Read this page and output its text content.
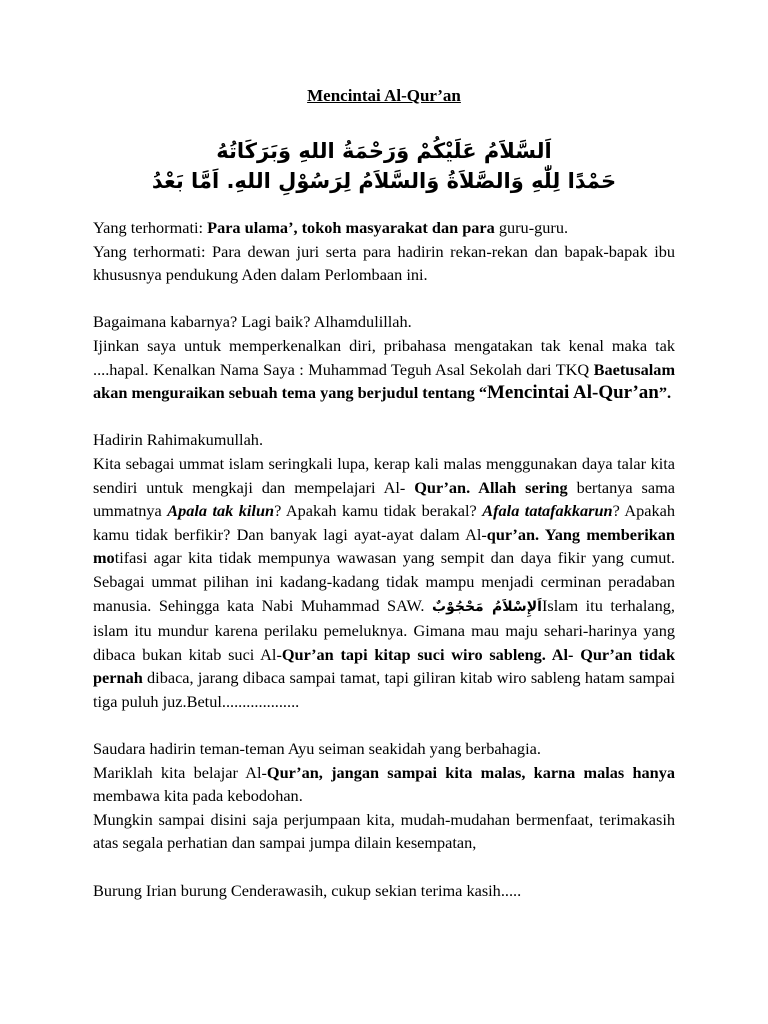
Mencintai Al-Qur’an
اَلسَّلاَمُ عَلَيْكُمْ وَرَحْمَةُ اللهِ وَبَرَكَاتُهُ
حَمْدًا لِلّٰهِ وَالصَّلاَةُ وَالسَّلاَمُ لِرَسُوْلِ اللهِ. اَمَّا بَعْدُ

Yang terhormati: Para ulama’, tokoh masyarakat dan para guru-guru.

Yang terhormati: Para dewan juri serta para hadirin rekan-rekan dan bapak-bapak ibu khususnya pendukung Aden dalam Perlombaan ini.

Bagaimana kabarnya? Lagi baik? Alhamdulillah.

Ijinkan saya untuk memperkenalkan diri, pribahasa mengatakan tak kenal maka tak ....hapal. Kenalkan Nama Saya : Muhammad Teguh Asal Sekolah dari TKQ Baetusalam akan menguraikan sebuah tema yang berjudul tentang “Mencintai Al-Qur’an”.

Hadirin Rahimakumullah.

Kita sebagai ummat islam seringkali lupa, kerap kali malas menggunakan daya talar kita sendiri untuk mengkaji dan mempelajari Al- Qur’an. Allah sering bertanya sama ummatnya Apala tak kilun? Apakah kamu tidak berakal? Afala tatafakkarun? Apakah kamu tidak berfikir? Dan banyak lagi ayat-ayat dalam Al-qur’an. Yang memberikan motifasi agar kita tidak mempunya wawasan yang sempit dan daya fikir yang cumut. Sebagai ummat pilihan ini kadang-kadang tidak mampu menjadi cerminan peradaban manusia. Sehingga kata Nabi Muhammad SAW. اَلإِسْلاَمُ مَحْجُوْبٌIslam itu terhalang, islam itu mundur karena perilaku pemeluknya. Gimana mau maju sehari-harinya yang dibaca bukan kitab suci Al-Qur’an tapi kitap suci wiro sableng. Al- Qur’an tidak pernah dibaca, jarang dibaca sampai tamat, tapi giliran kitab wiro sableng hatam sampai tiga puluh juz.Betul...................

Saudara hadirin teman-teman Ayu seiman seakidah yang berbahagia.

Mariklah kita belajar Al-Qur’an, jangan sampai kita malas, karna malas hanya membawa kita pada kebodohan.

Mungkin sampai disini saja perjumpaan kita, mudah-mudahan bermenfaat, terimakasih atas segala perhatian dan sampai jumpa dilain kesempatan,

Burung Irian burung Cenderawasih, cukup sekian terima kasih.....
